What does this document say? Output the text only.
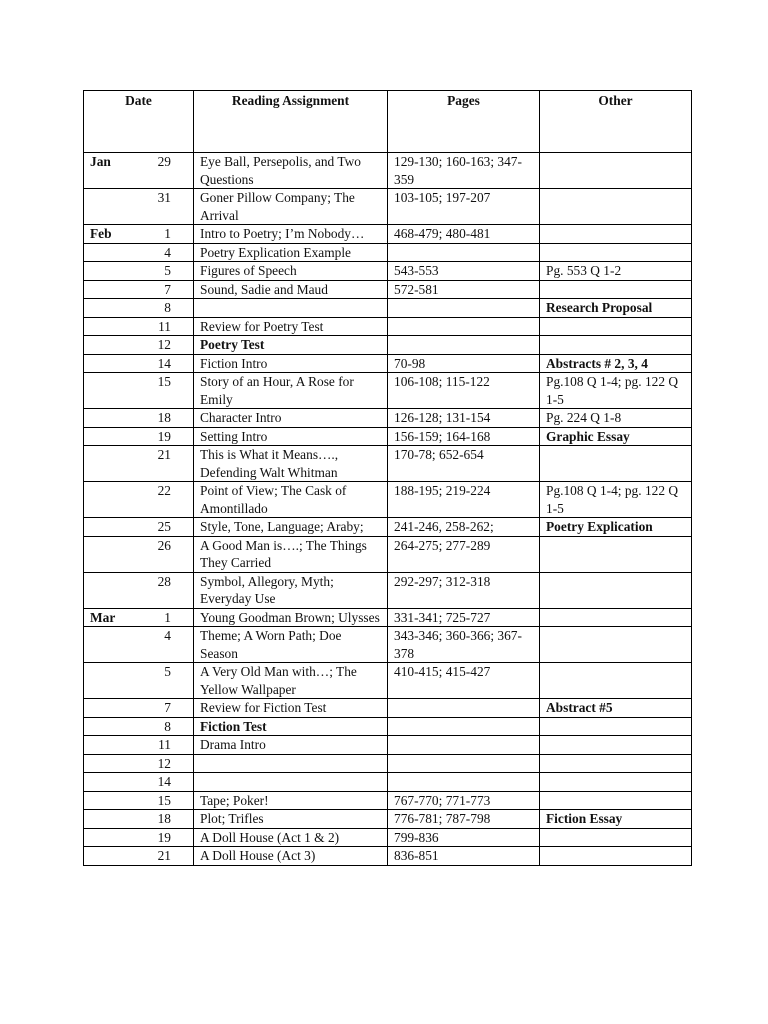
Date	Reading Assignment	Pages	Other

Jan 29	Eye Ball, Persepolis, and Two Questions	129-130; 160-163; 347-359	

31	Goner Pillow Company; The Arrival	103-105; 197-207	

Feb 1	Intro to Poetry; I’m Nobody…	468-479; 480-481	

4	Poetry Explication Example		

5	Figures of Speech	543-553	Pg. 553 Q 1-2

7	Sound, Sadie and Maud	572-581	

8			Research Proposal

11	Review for Poetry Test		

12	Poetry Test		

14	Fiction Intro	70-98	Abstracts # 2, 3, 4

15	Story of an Hour, A Rose for Emily	106-108; 115-122	Pg.108 Q 1-4; pg. 122 Q 1-5

18	Character Intro	126-128; 131-154	Pg. 224 Q 1-8

19	Setting Intro	156-159; 164-168	Graphic Essay

21	This is What it Means…., Defending Walt Whitman	170-78; 652-654	

22	Point of View; The Cask of Amontillado	188-195; 219-224	Pg.108 Q 1-4; pg. 122 Q 1-5

25	Style, Tone, Language; Araby;	241-246, 258-262;	Poetry Explication

26	A Good Man is….; The Things They Carried	264-275; 277-289	

28	Symbol, Allegory, Myth; Everyday Use	292-297; 312-318	

Mar 1	Young Goodman Brown; Ulysses	331-341; 725-727	

4	Theme; A Worn Path; Doe Season	343-346; 360-366; 367-378	

5	A Very Old Man with…; The Yellow Wallpaper	410-415; 415-427	

7	Review for Fiction Test		Abstract #5

8	Fiction Test		

11	Drama Intro		

12			

14			

15	Tape; Poker!	767-770; 771-773	

18	Plot; Trifles	776-781; 787-798	Fiction Essay

19	A Doll House (Act 1 & 2)	799-836	

21	A Doll House (Act 3)	836-851	
